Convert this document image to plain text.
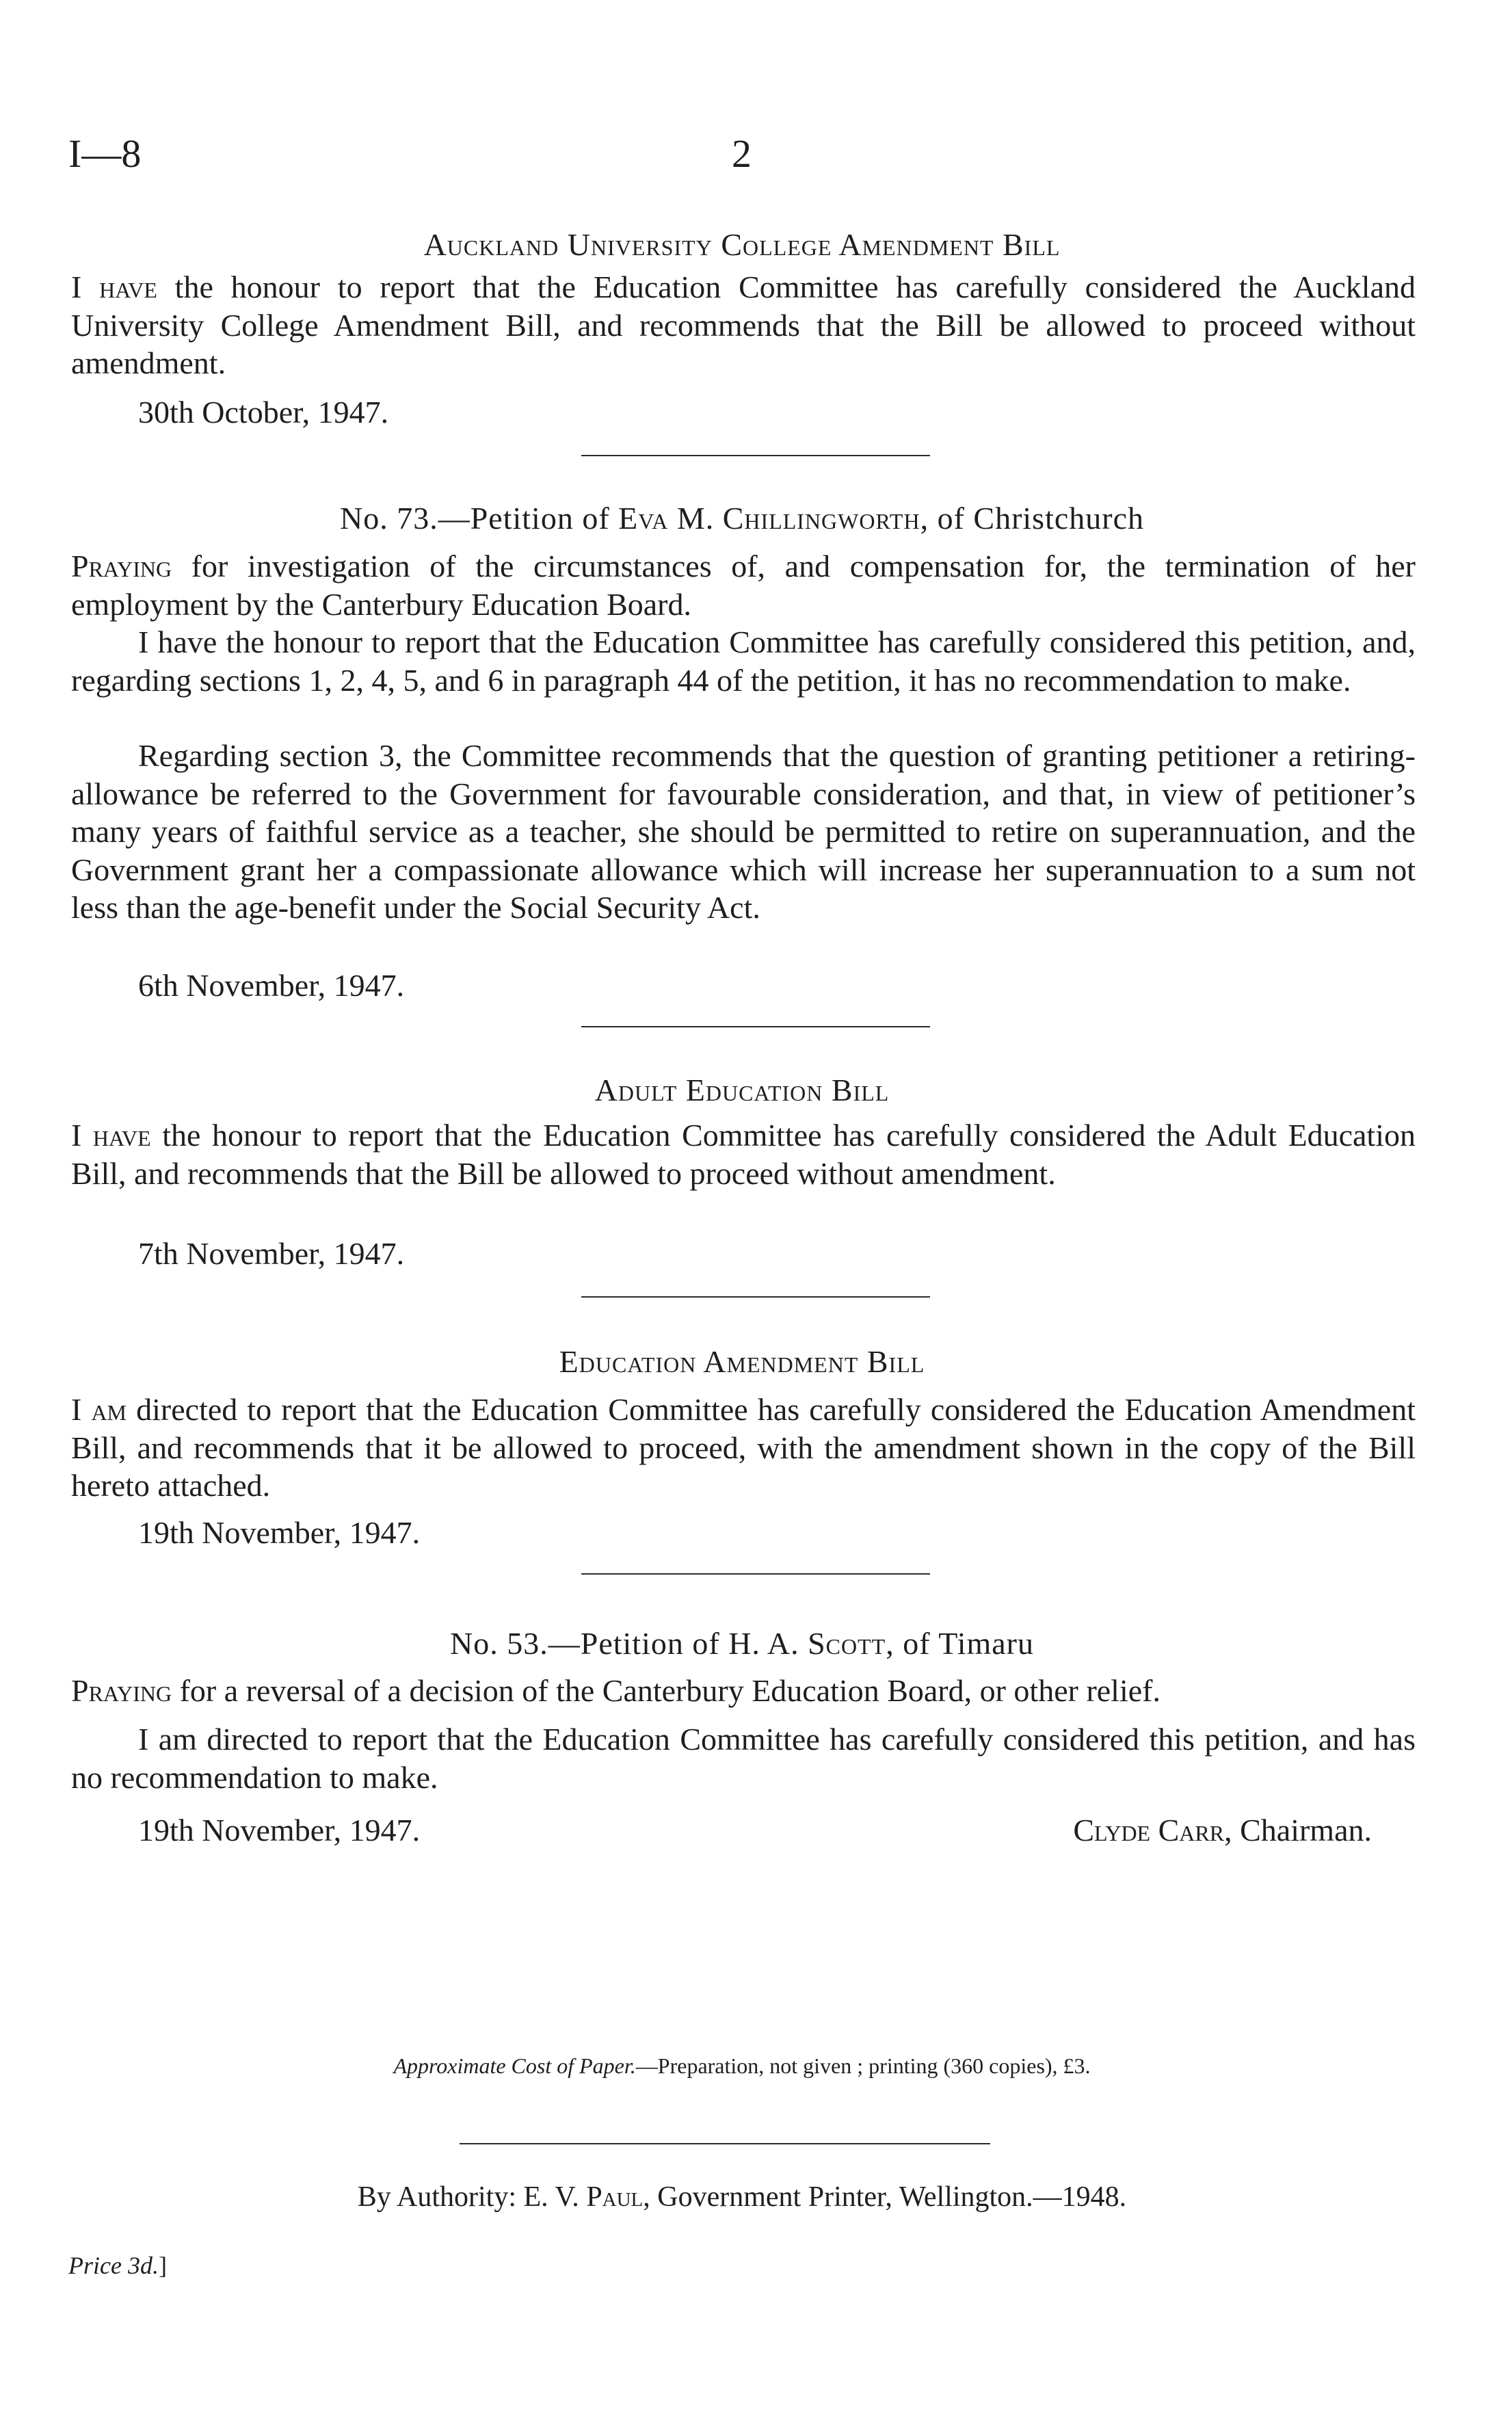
I—8	2
Auckland University College Amendment Bill
I have the honour to report that the Education Committee has carefully considered the Auckland University College Amendment Bill, and recommends that the Bill be allowed to proceed without amendment.
30th October, 1947.
No. 73.—Petition of Eva M. Chillingworth, of Christchurch
Praying for investigation of the circumstances of, and compensation for, the termination of her employment by the Canterbury Education Board.
I have the honour to report that the Education Committee has carefully considered this petition, and, regarding sections 1, 2, 4, 5, and 6 in paragraph 44 of the petition, it has no recommendation to make.
Regarding section 3, the Committee recommends that the question of granting petitioner a retiring-allowance be referred to the Government for favourable consideration, and that, in view of petitioner’s many years of faithful service as a teacher, she should be permitted to retire on superannuation, and the Government grant her a compassionate allowance which will increase her superannuation to a sum not less than the age-benefit under the Social Security Act.
6th November, 1947.
Adult Education Bill
I have the honour to report that the Education Committee has carefully considered the Adult Education Bill, and recommends that the Bill be allowed to proceed without amendment.
7th November, 1947.
Education Amendment Bill
I am directed to report that the Education Committee has carefully considered the Education Amendment Bill, and recommends that it be allowed to proceed, with the amendment shown in the copy of the Bill hereto attached.
19th November, 1947.
No. 53.—Petition of H. A. Scott, of Timaru
Praying for a reversal of a decision of the Canterbury Education Board, or other relief.
I am directed to report that the Education Committee has carefully considered this petition, and has no recommendation to make.
19th November, 1947.	Clyde Carr, Chairman.
Approximate Cost of Paper.—Preparation, not given ; printing (360 copies), £3.
By Authority: E. V. Paul, Government Printer, Wellington.—1948.
Price 3d.]
